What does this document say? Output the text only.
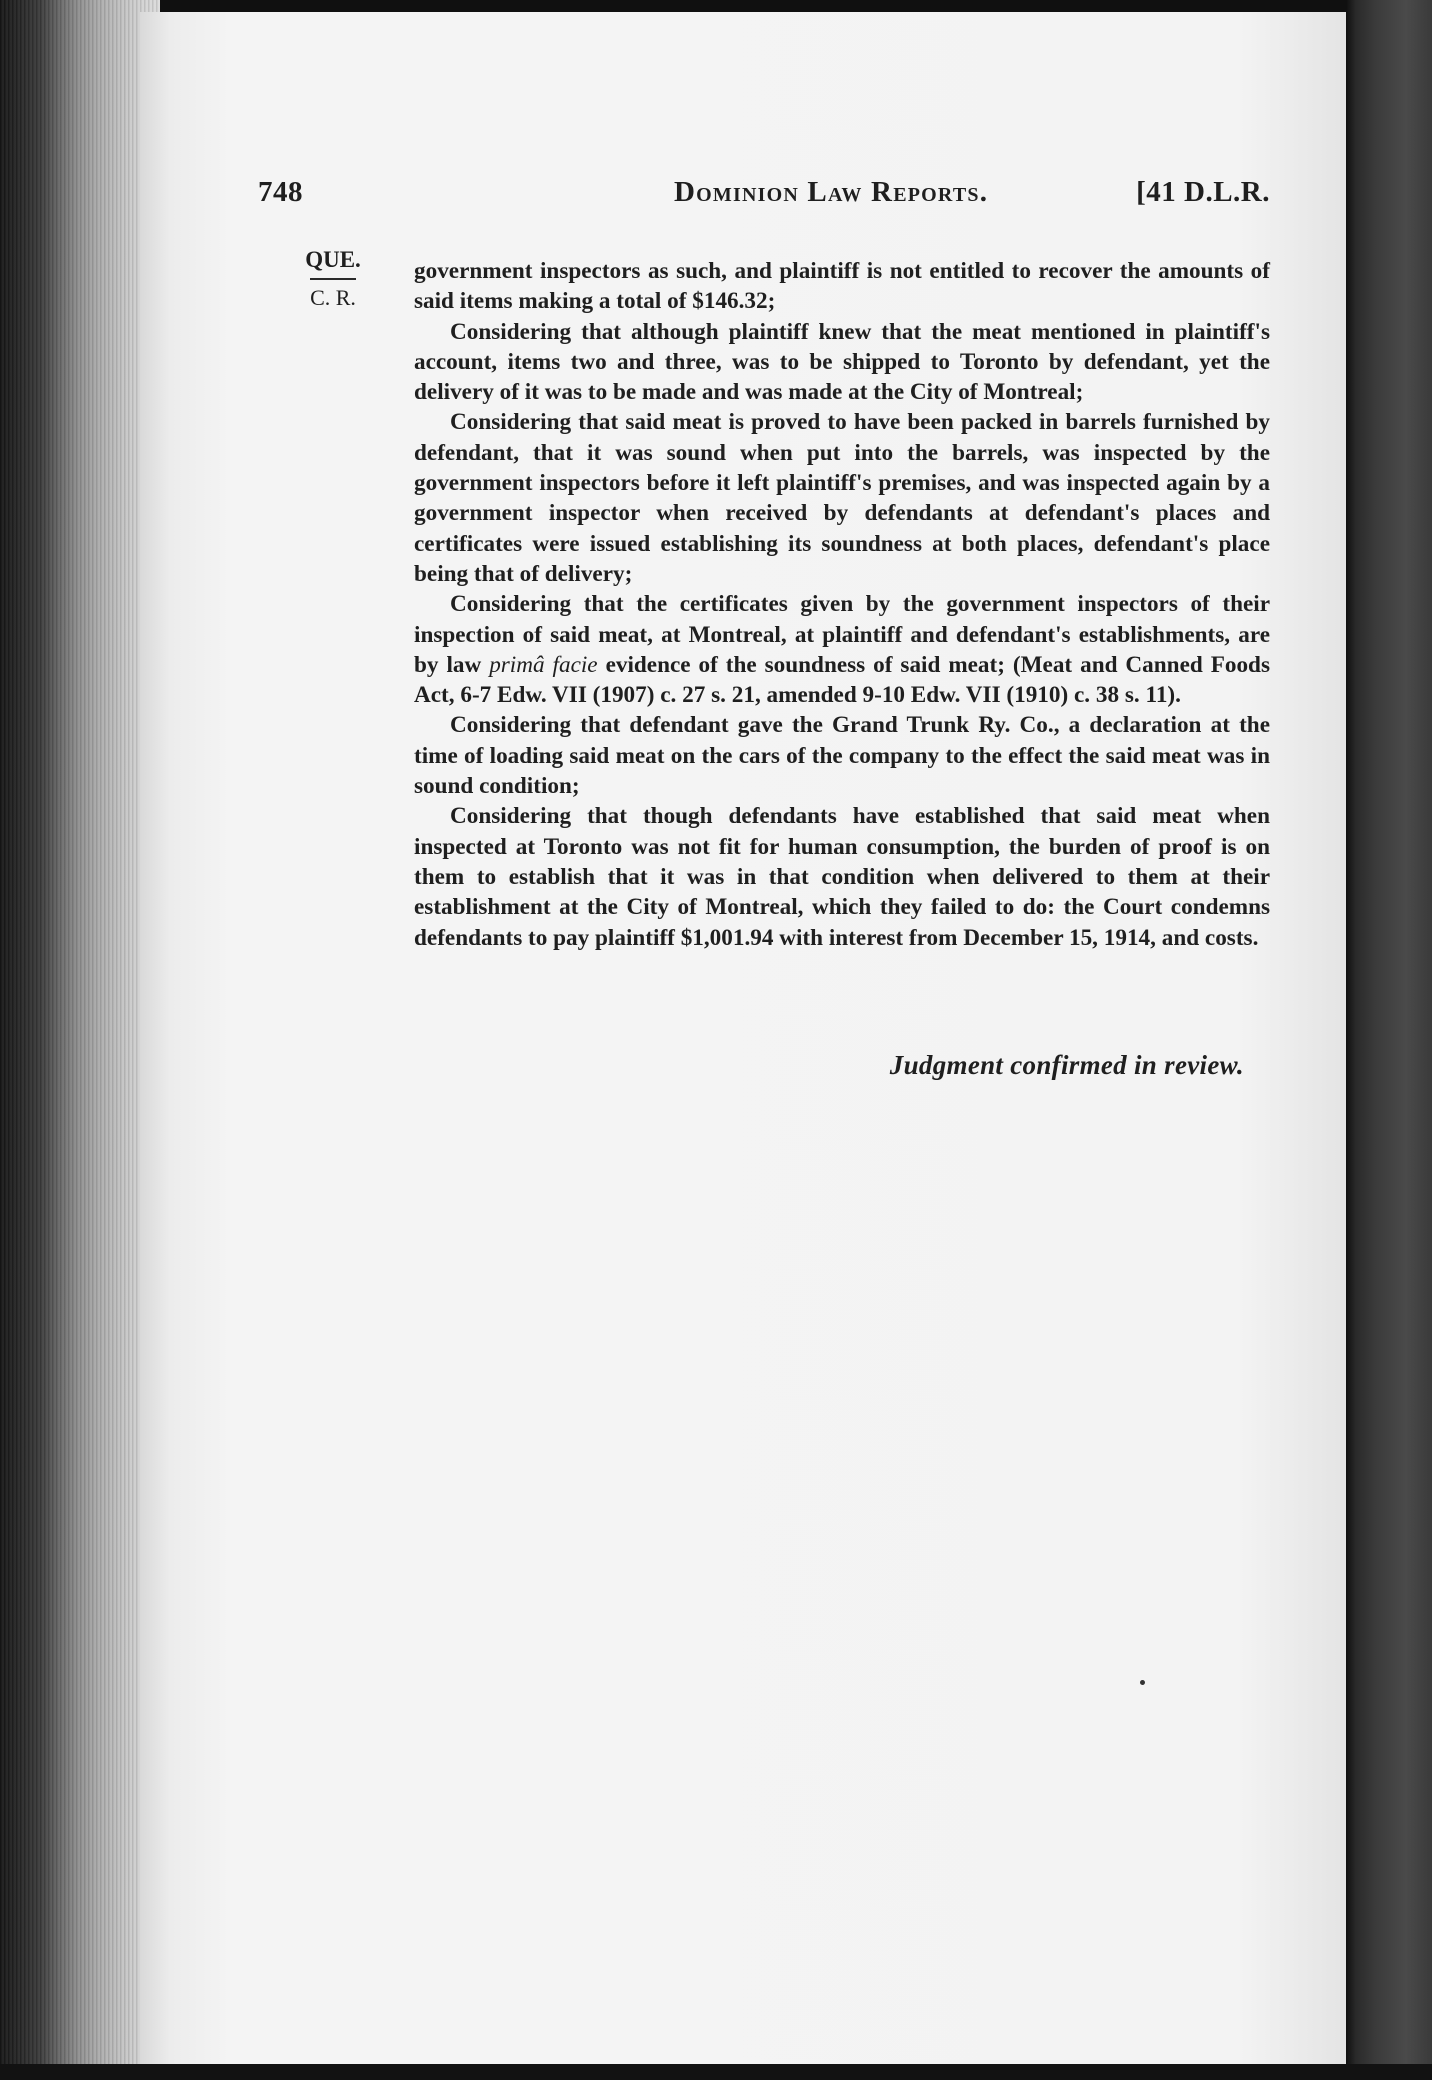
748	Dominion Law Reports.	[41 D.L.R.
QUE.
C. R.

government inspectors as such, and plaintiff is not entitled to recover the amounts of said items making a total of $146.32;

Considering that although plaintiff knew that the meat mentioned in plaintiff's account, items two and three, was to be shipped to Toronto by defendant, yet the delivery of it was to be made and was made at the City of Montreal;

Considering that said meat is proved to have been packed in barrels furnished by defendant, that it was sound when put into the barrels, was inspected by the government inspectors before it left plaintiff's premises, and was inspected again by a government inspector when received by defendants at defendant's places and certificates were issued establishing its soundness at both places, defendant's place being that of delivery;

Considering that the certificates given by the government inspectors of their inspection of said meat, at Montreal, at plaintiff and defendant's establishments, are by law primâ facie evidence of the soundness of said meat; (Meat and Canned Foods Act, 6-7 Edw. VII (1907) c. 27 s. 21, amended 9-10 Edw. VII (1910) c. 38 s. 11).

Considering that defendant gave the Grand Trunk Ry. Co., a declaration at the time of loading said meat on the cars of the company to the effect the said meat was in sound condition;

Considering that though defendants have established that said meat when inspected at Toronto was not fit for human consumption, the burden of proof is on them to establish that it was in that condition when delivered to them at their establishment at the City of Montreal, which they failed to do: the Court condemns defendants to pay plaintiff $1,001.94 with interest from December 15, 1914, and costs.

Judgment confirmed in review.
